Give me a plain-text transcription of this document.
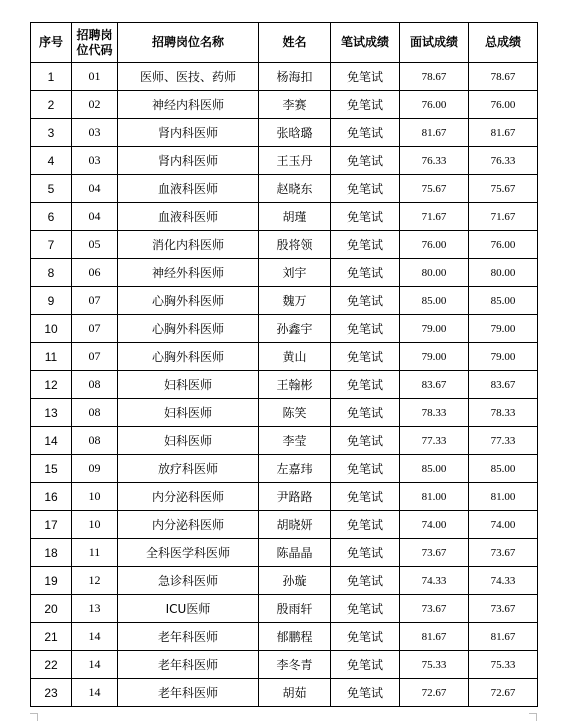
序号	招聘岗位代码	招聘岗位名称	姓名	笔试成绩	面试成绩	总成绩
1	01	医师、医技、药师	杨海扣	免笔试	78.67	78.67
2	02	神经内科医师	李赛	免笔试	76.00	76.00
3	03	肾内科医师	张晗璐	免笔试	81.67	81.67
4	03	肾内科医师	王玉丹	免笔试	76.33	76.33
5	04	血液科医师	赵晓东	免笔试	75.67	75.67
6	04	血液科医师	胡瑾	免笔试	71.67	71.67
7	05	消化内科医师	殷将领	免笔试	76.00	76.00
8	06	神经外科医师	刘宇	免笔试	80.00	80.00
9	07	心胸外科医师	魏万	免笔试	85.00	85.00
10	07	心胸外科医师	孙鑫宇	免笔试	79.00	79.00
11	07	心胸外科医师	黄山	免笔试	79.00	79.00
12	08	妇科医师	王翰彬	免笔试	83.67	83.67
13	08	妇科医师	陈笑	免笔试	78.33	78.33
14	08	妇科医师	李莹	免笔试	77.33	77.33
15	09	放疗科医师	左嘉玮	免笔试	85.00	85.00
16	10	内分泌科医师	尹路路	免笔试	81.00	81.00
17	10	内分泌科医师	胡晓妍	免笔试	74.00	74.00
18	11	全科医学科医师	陈晶晶	免笔试	73.67	73.67
19	12	急诊科医师	孙璇	免笔试	74.33	74.33
20	13	ICU医师	殷雨轩	免笔试	73.67	73.67
21	14	老年科医师	郁鹏程	免笔试	81.67	81.67
22	14	老年科医师	李冬青	免笔试	75.33	75.33
23	14	老年科医师	胡茹	免笔试	72.67	72.67
